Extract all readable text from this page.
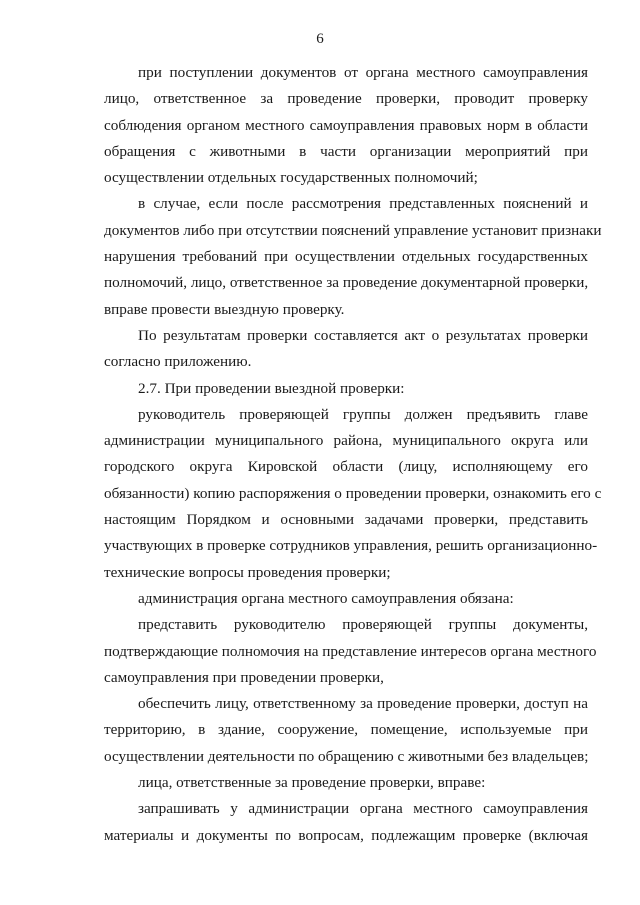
6
при поступлении документов от органа местного самоуправления
лицо, ответственное за проведение проверки, проводит проверку
соблюдения органом местного самоуправления правовых норм в области
обращения с животными в части организации мероприятий при
осуществлении отдельных государственных полномочий;
в случае, если после рассмотрения представленных пояснений и
документов либо при отсутствии пояснений управление установит признаки
нарушения требований при осуществлении отдельных государственных
полномочий, лицо, ответственное за проведение документарной проверки,
вправе провести выездную проверку.
По результатам проверки составляется акт о результатах проверки
согласно приложению.
2.7. При проведении выездной проверки:
руководитель проверяющей группы должен предъявить главе
администрации муниципального района, муниципального округа или
городского округа Кировской области (лицу, исполняющему его
обязанности) копию распоряжения о проведении проверки, ознакомить его с
настоящим Порядком и основными задачами проверки, представить
участвующих в проверке сотрудников управления, решить организационно-
технические вопросы проведения проверки;
администрация органа местного самоуправления обязана:
представить руководителю проверяющей группы документы,
подтверждающие полномочия на представление интересов органа местного
самоуправления при проведении проверки,
обеспечить лицу, ответственному за проведение проверки, доступ на
территорию, в здание, сооружение, помещение, используемые при
осуществлении деятельности по обращению с животными без владельцев;
лица, ответственные за проведение проверки, вправе:
запрашивать у администрации органа местного самоуправления
материалы и документы по вопросам, подлежащим проверке (включая
